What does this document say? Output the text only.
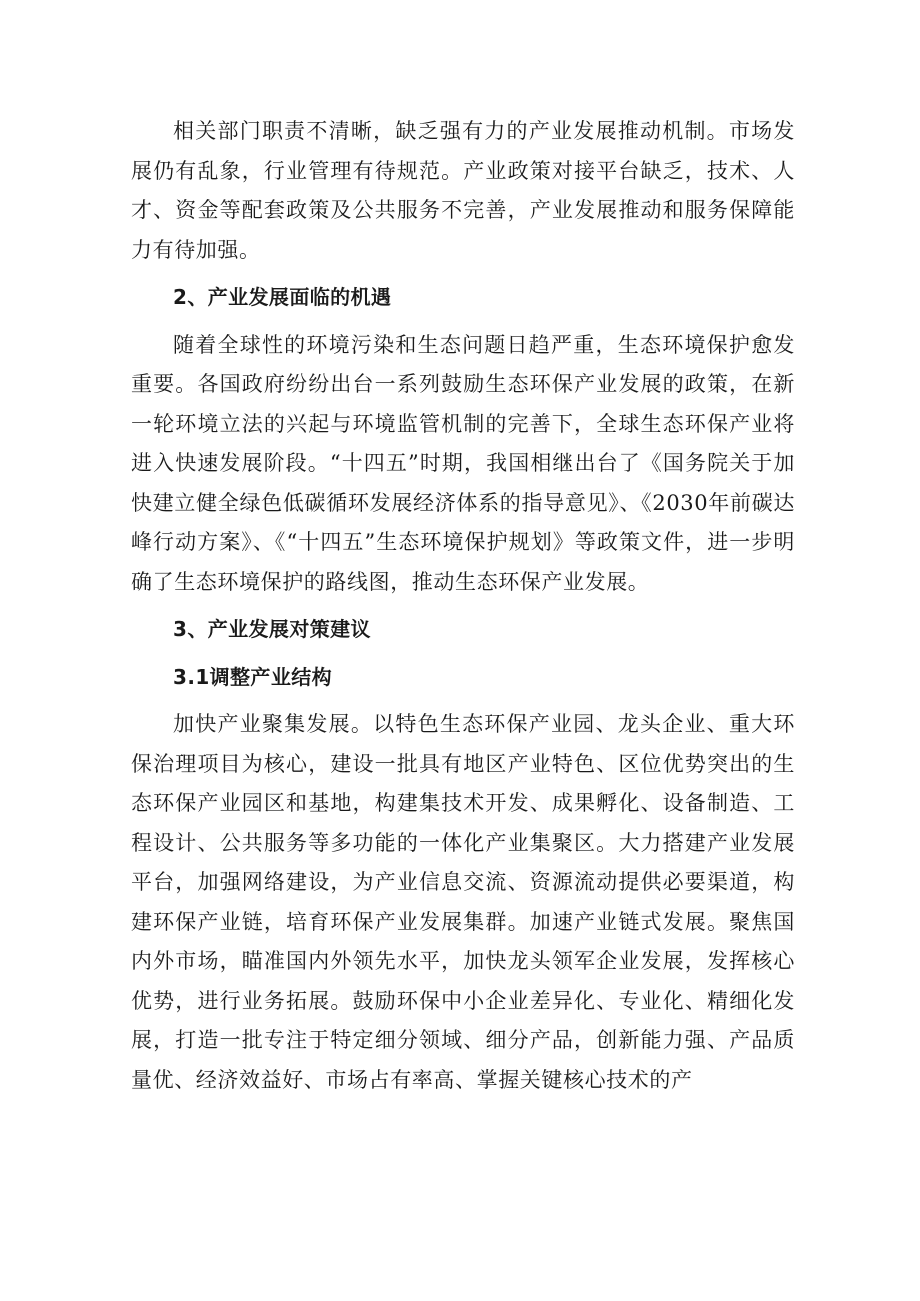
相关部门职责不清晰，缺乏强有力的产业发展推动机制。市场发展仍有乱象，行业管理有待规范。产业政策对接平台缺乏，技术、人才、资金等配套政策及公共服务不完善，产业发展推动和服务保障能力有待加强。

2、产业发展面临的机遇

随着全球性的环境污染和生态问题日趋严重，生态环境保护愈发重要。各国政府纷纷出台一系列鼓励生态环保产业发展的政策，在新一轮环境立法的兴起与环境监管机制的完善下，全球生态环保产业将进入快速发展阶段。“十四五”时期，我国相继出台了《国务院关于加快建立健全绿色低碳循环发展经济体系的指导意见》、《2030年前碳达峰行动方案》、《“十四五”生态环境保护规划》等政策文件，进一步明确了生态环境保护的路线图，推动生态环保产业发展。

3、产业发展对策建议

3.1调整产业结构

加快产业聚集发展。以特色生态环保产业园、龙头企业、重大环保治理项目为核心，建设一批具有地区产业特色、区位优势突出的生态环保产业园区和基地，构建集技术开发、成果孵化、设备制造、工程设计、公共服务等多功能的一体化产业集聚区。大力搭建产业发展平台，加强网络建设，为产业信息交流、资源流动提供必要渠道，构建环保产业链，培育环保产业发展集群。加速产业链式发展。聚焦国内外市场，瞄准国内外领先水平，加快龙头领军企业发展，发挥核心优势，进行业务拓展。鼓励环保中小企业差异化、专业化、精细化发展，打造一批专注于特定细分领域、细分产品，创新能力强、产品质量优、经济效益好、市场占有率高、掌握关键核心技术的产
